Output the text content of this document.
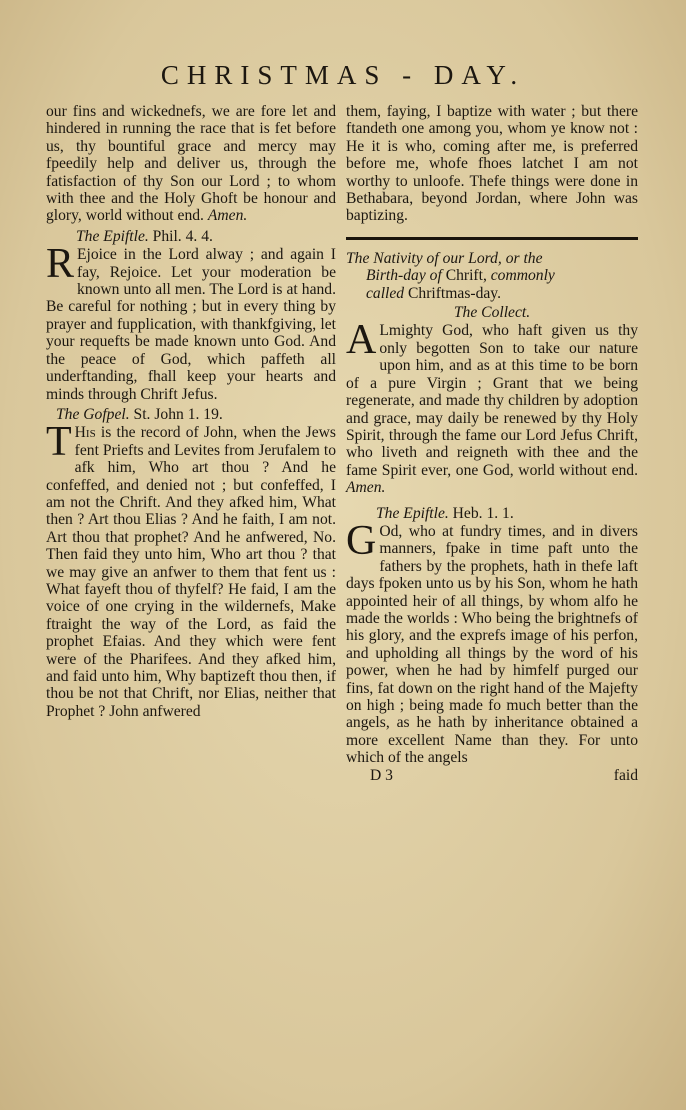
CHRISTMAS - DAY.

our fins and wickednefs, we are fore let and hindered in running the race that is fet before us, thy bountiful grace and mercy may fpeedily help and deliver us, through the fatisfaction of thy Son our Lord ; to whom with thee and the Holy Ghoft be honour and glory, world without end. Amen.

The Epiftle. Phil. 4. 4.

R Ejoice in the Lord alway ; and again I fay, Rejoice. Let your moderation be known unto all men. The Lord is at hand. Be careful for nothing ; but in every thing by prayer and fupplication, with thankfgiving, let your requefts be made known unto God. And the peace of God, which paffeth all underftanding, fhall keep your hearts and minds through Chrift Jefus.

The Gofpel. St. John 1. 19.

T His is the record of John, when the Jews fent Priefts and Levites from Jerufalem to afk him, Who art thou ? And he confeffed, and denied not ; but confeffed, I am not the Chrift. And they afked him, What then ? Art thou Elias ? And he faith, I am not. Art thou that prophet? And he anfwered, No. Then faid they unto him, Who art thou ? that we may give an anfwer to them that fent us : What fayeft thou of thyfelf? He faid, I am the voice of one crying in the wildernefs, Make ftraight the way of the Lord, as faid the prophet Efaias. And they which were fent were of the Pharifees. And they afked him, and faid unto him, Why baptizeft thou then, if thou be not that Chrift, nor Elias, neither that Prophet ? John anfwered

them, faying, I baptize with water ; but there ftandeth one among you, whom ye know not : He it is who, coming after me, is preferred before me, whofe fhoes latchet I am not worthy to unloofe. Thefe things were done in Bethabara, beyond Jordan, where John was baptizing.

The Nativity of our Lord, or the
Birth-day of Chrift, commonly
called Chriftmas-day.
The Collect.

A Lmighty God, who haft given us thy only begotten Son to take our nature upon him, and as at this time to be born of a pure Virgin ; Grant that we being regenerate, and made thy children by adoption and grace, may daily be renewed by thy Holy Spirit, through the fame our Lord Jefus Chrift, who liveth and reigneth with thee and the fame Spirit ever, one God, world without end. Amen.

The Epiftle. Heb. 1. 1.

G Od, who at fundry times, and in divers manners, fpake in time paft unto the fathers by the prophets, hath in thefe laft days fpoken unto us by his Son, whom he hath appointed heir of all things, by whom alfo he made the worlds : Who being the brightnefs of his glory, and the exprefs image of his perfon, and upholding all things by the word of his power, when he had by himfelf purged our fins, fat down on the right hand of the Majefty on high ; being made fo much better than the angels, as he hath by inheritance obtained a more excellent Name than they. For unto which of the angels

D 3	faid
